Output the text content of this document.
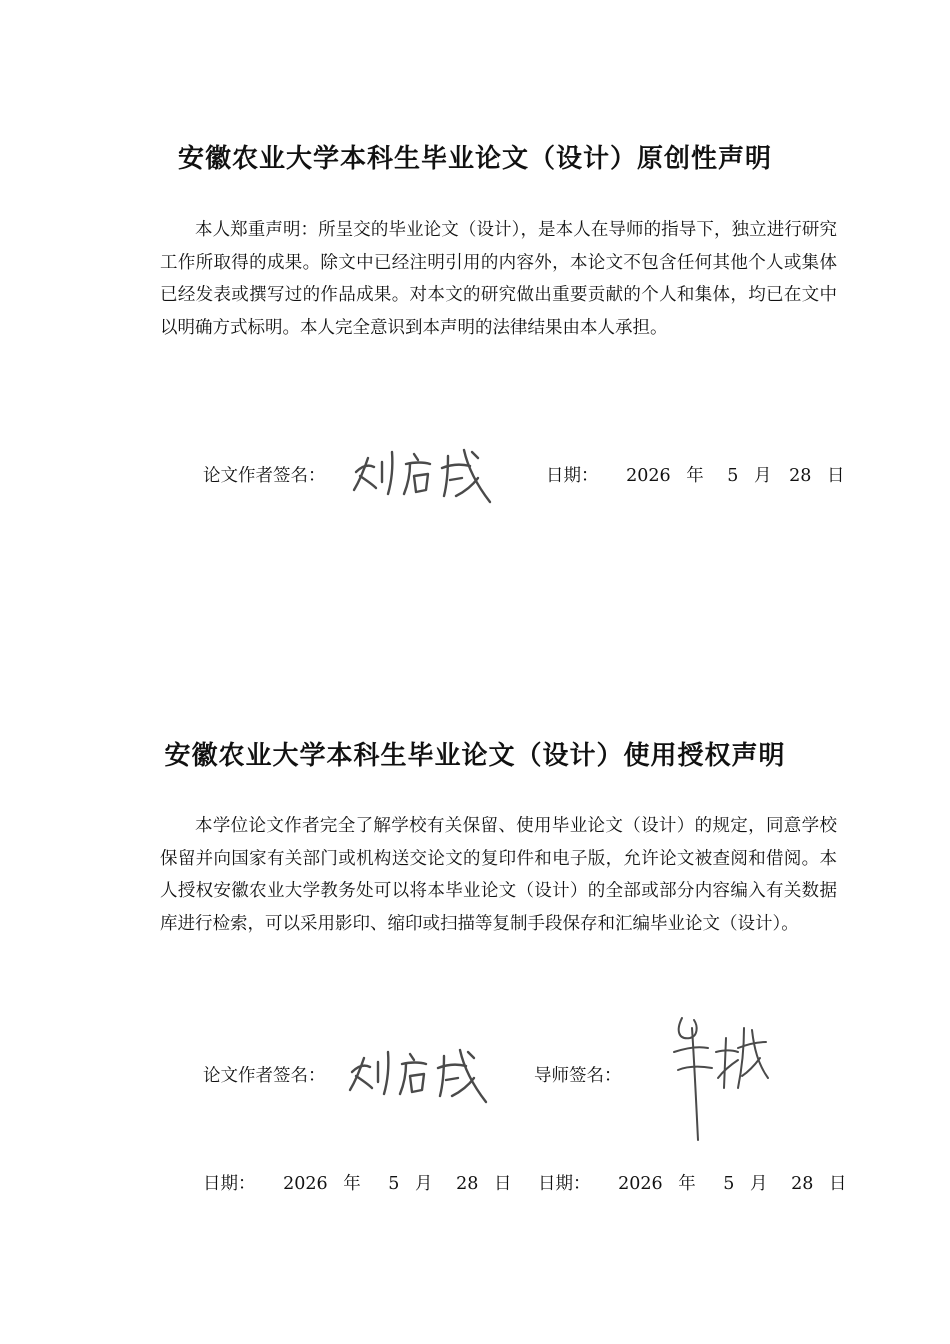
安徽农业大学本科生毕业论文（设计）原创性声明

本人郑重声明：所呈交的毕业论文（设计），是本人在导师的指导下，独立进行研究工作所取得的成果。除文中已经注明引用的内容外，本论文不包含任何其他个人或集体已经发表或撰写过的作品成果。对本文的研究做出重要贡献的个人和集体，均已在文中以明确方式标明。本人完全意识到本声明的法律结果由本人承担。

论文作者签名：	日期： 2026 年 5 月 28 日
安徽农业大学本科生毕业论文（设计）使用授权声明

本学位论文作者完全了解学校有关保留、使用毕业论文（设计）的规定，同意学校保留并向国家有关部门或机构送交论文的复印件和电子版，允许论文被查阅和借阅。本人授权安徽农业大学教务处可以将本毕业论文（设计）的全部或部分内容编入有关数据库进行检索，可以采用影印、缩印或扫描等复制手段保存和汇编毕业论文（设计）。

论文作者签名：	导师签名：
日期： 2026 年 5 月 28 日 日期： 2026 年 5 月 28 日
